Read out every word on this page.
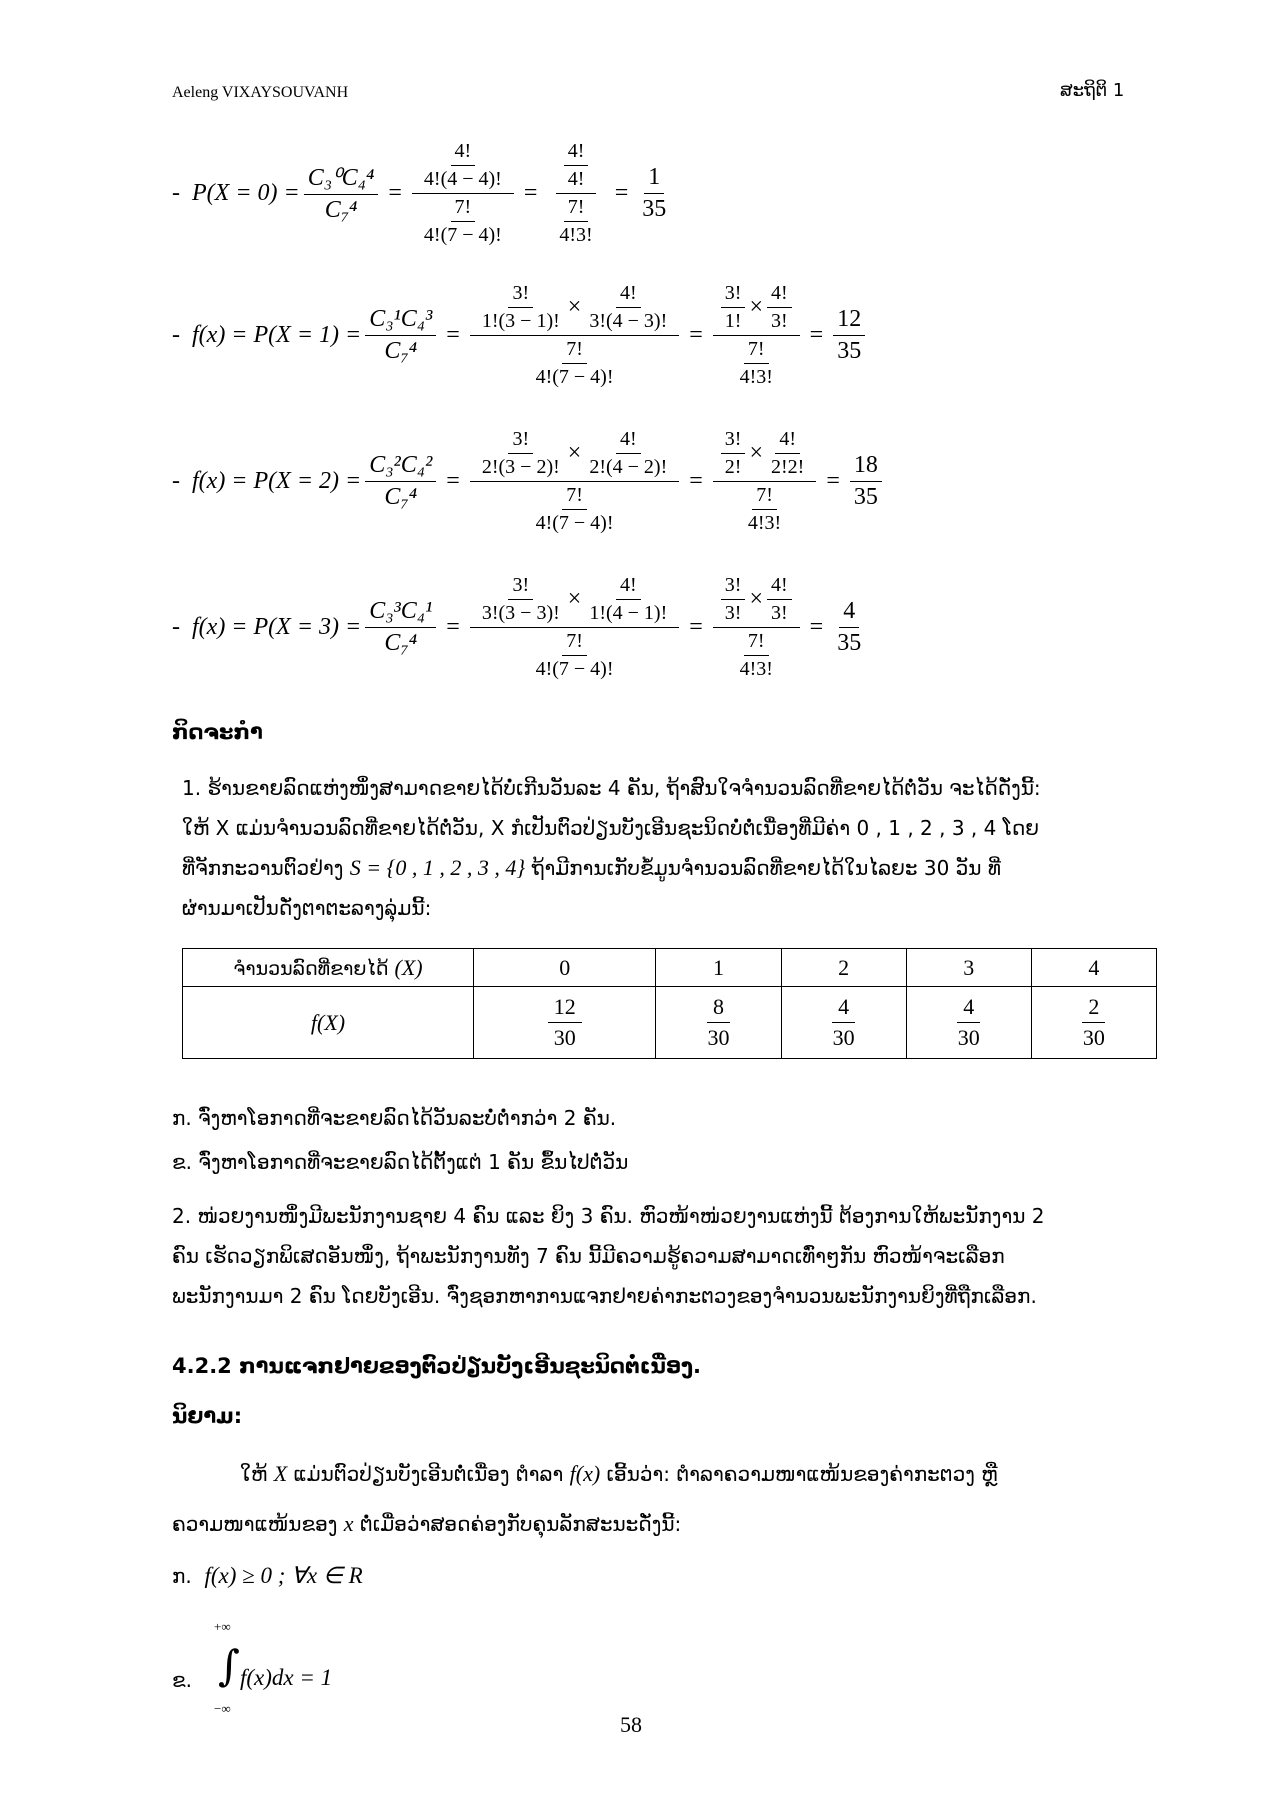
Aeleng VIXAYSOUVANH	ສະຖິຕິ 1
-
$P(X = 0) = \frac{\text{C₃⁰C₄⁴}}{\text{C₇⁴}} = \frac{\frac{4!}{4!(4 - 4)!}}{\frac{7!}{4!(7 - 4)!}} = \frac{\frac{4!}{4!}}{\frac{7!}{4!3!}} = \frac{1}{35}$
-
$f(x) = P(X = 1) = \frac{\text{C₃¹C₄³}}{\text{C₇⁴}} = \frac{\frac{3!}{1!(3 - 1)!} \times \frac{4!}{3!(4 - 3)!}}{\frac{7!}{4!(7 - 4)!}} = \frac{\frac{3!}{1!} \times \frac{4!}{3!}}{\frac{7!}{4!3!}} = \frac{12}{35}$
-
$f(x) = P(X = 2) = \frac{\text{C₃²C₄²}}{\text{C₇⁴}} = \frac{\frac{3!}{2!(3 - 2)!} \times \frac{4!}{2!(4 - 2)!}}{\frac{7!}{4!(7 - 4)!}} = \frac{\frac{3!}{2!} \times \frac{4!}{2!2!}}{\frac{7!}{4!3!}} = \frac{18}{35}$
-
$f(x) = P(X = 3) = \frac{\text{C₃³C₄¹}}{\text{C₇⁴}} = \frac{\frac{3!}{3!(3 - 3)!} \times \frac{4!}{1!(4 - 1)!}}{\frac{7!}{4!(7 - 4)!}} = \frac{\frac{3!}{3!} \times \frac{4!}{3!}}{\frac{7!}{4!3!}} = \frac{4}{35}$
ກິດຈະກຳ
1. ຮ້ານຂາຍລົດແຫ່ງໜຶ່ງສາມາດຂາຍໄດ້ບໍ່ເກີນວັນລະ 4 ຄັນ, ຖ້າສົນໃຈຈຳນວນລົດທີ່ຂາຍໄດ້ຕໍ່ວັນ ຈະໄດ້ດັ່ງນີ້:
ໃຫ້ X ແມ່ນຈຳນວນລົດທີ່ຂາຍໄດ້ຕໍ່ວັນ, X ກໍເປັນຕົວປ່ຽນບັງເອີນຊະນິດບໍ່ຕໍ່ເນື່ອງທີ່ມີຄ່າ 0 , 1 , 2 , 3 , 4 ໂດຍ
ທີ່ຈັກກະວານຕົວຢ່າງ S = {0 , 1 , 2 , 3 , 4} ຖ້າມີການເກັບຂໍ້ມູນຈຳນວນລົດທີ່ຂາຍໄດ້ໃນໄລຍະ 30 ວັນ ທີ່
ຜ່ານມາເປັນດັ່ງຕາຕະລາງລຸ່ມນີ້:
ຈຳນວນລົດທີ່ຂາຍໄດ້ (X)	0	1	2	3	4
f(X)	$\frac{12}{30}$	$\frac{8}{30}$	$\frac{4}{30}$	$\frac{4}{30}$	$\frac{2}{30}$
ກ. ຈົ່ງຫາໂອກາດທີ່ຈະຂາຍລົດໄດ້ວັນລະບໍ່ຕ່ຳກວ່າ 2 ຄັນ.
ຂ. ຈົ່ງຫາໂອກາດທີ່ຈະຂາຍລົດໄດ້ຕັ້ງແຕ່ 1 ຄັນ ຂຶ້ນໄປຕໍ່ວັນ
2. ໜ່ວຍງານໜຶ່ງມີພະນັກງານຊາຍ 4 ຄົນ ແລະ ຍິງ 3 ຄົນ. ຫົວໜ້າໜ່ວຍງານແຫ່ງນີ້ ຕ້ອງການໃຫ້ພະນັກງານ 2
ຄົນ ເຮັດວຽກພິເສດອັນໜຶ່ງ, ຖ້າພະນັກງານທັງ 7 ຄົນ ນີ້ມີຄວາມຮູ້ຄວາມສາມາດເທົ່າໆກັນ ຫົວໜ້າຈະເລືອກ
ພະນັກງານມາ 2 ຄົນ ໂດຍບັງເອີນ. ຈົ່ງຊອກຫາການແຈກຢາຍຄ່າກະຕວງຂອງຈຳນວນພະນັກງານຍິງທີ່ຖືກເລືອກ.
4.2.2 ການແຈກຢາຍຂອງຕົວປ່ຽນບັງເອີນຊະນິດຕໍ່ເນື່ອງ.
ນິຍາມ:
ໃຫ້ X ແມ່ນຕົວປ່ຽນບັງເອີນຕໍ່ເນື່ອງ ຕຳລາ f(x) ເອີ້ນວ່າ: ຕຳລາຄວາມໜາແໜ້ນຂອງຄ່າກະຕວງ ຫຼື
ຄວາມໜາແໜ້ນຂອງ x ຕໍ່ເມື່ອວ່າສອດຄ່ອງກັບຄຸນລັກສະນະດັ່ງນີ້:
ກ. f(x) ≥ 0 ; ∀x ∈ R
ຂ.
+∞
∫
−∞
f(x)dx = 1
58
